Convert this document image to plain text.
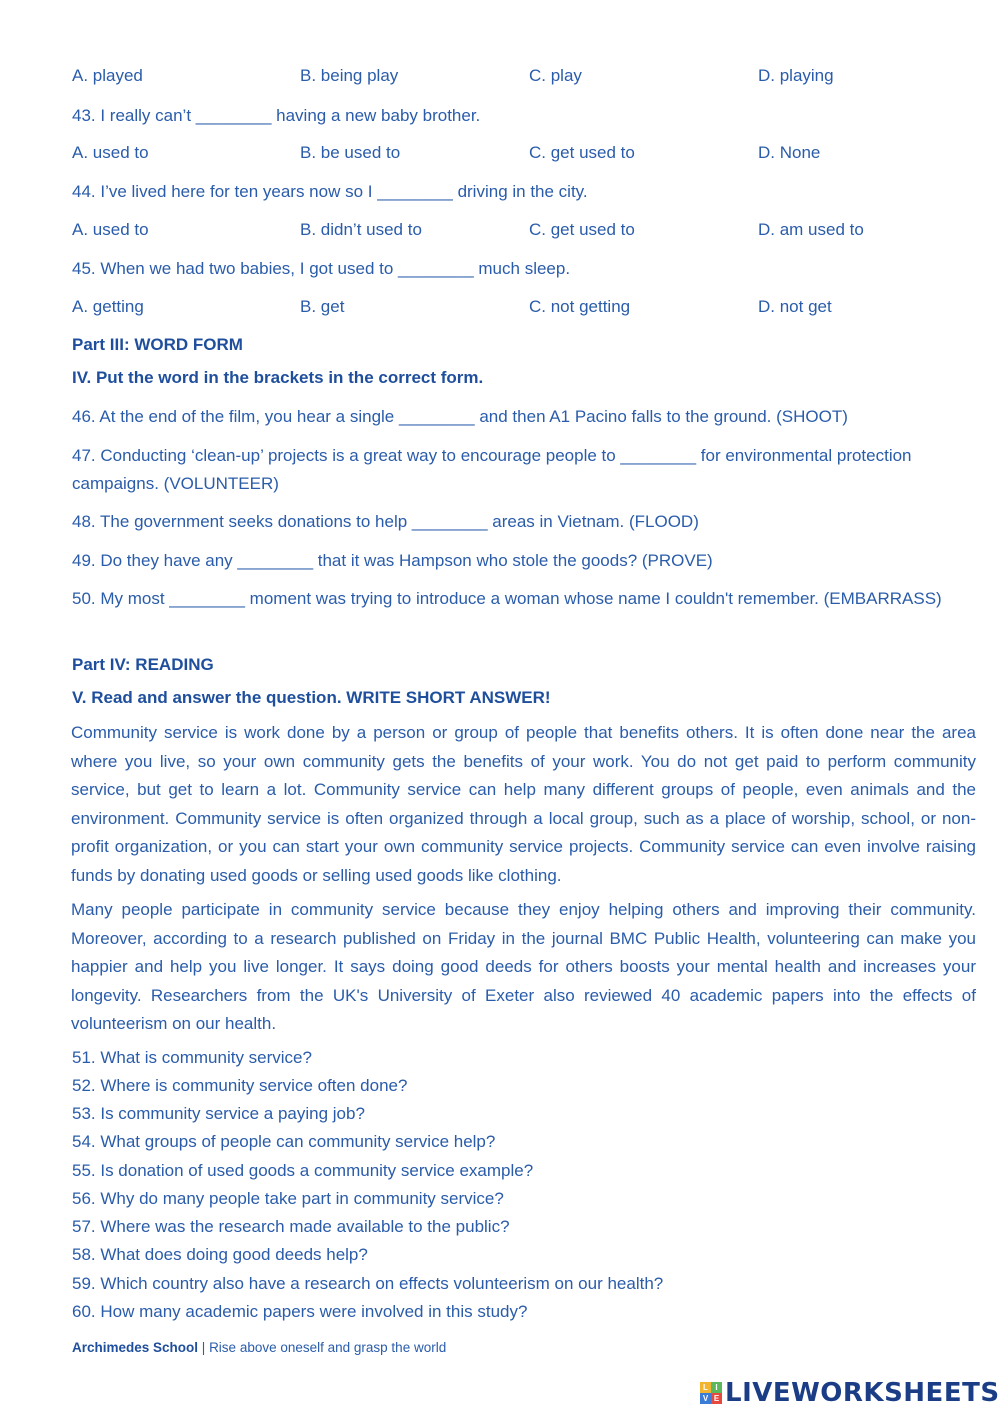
A. played	B. being play	C. play	D. playing
43. I really can’t ________ having a new baby brother.
A. used to	B. be used to	C. get used to	D. None
44. I’ve lived here for ten years now so I ________ driving in the city.
A. used to	B. didn’t used to	C. get used to	D. am used to
45. When we had two babies, I got used to ________ much sleep.
A. getting	B. get	C. not getting	D. not get
Part III: WORD FORM
IV. Put the word in the brackets in the correct form.
46. At the end of the film, you hear a single ________ and then A1 Pacino falls to the ground. (SHOOT)
47. Conducting ‘clean-up’ projects is a great way to encourage people to ________ for environmental protection campaigns. (VOLUNTEER)
48. The government seeks donations to help ________ areas in Vietnam. (FLOOD)
49. Do they have any ________ that it was Hampson who stole the goods? (PROVE)
50. My most ________ moment was trying to introduce a woman whose name I couldn't remember. (EMBARRASS)
Part IV: READING
V. Read and answer the question. WRITE SHORT ANSWER!
Community service is work done by a person or group of people that benefits others. It is often done near the area where you live, so your own community gets the benefits of your work. You do not get paid to perform community service, but get to learn a lot. Community service can help many different groups of people, even animals and the environment. Community service is often organized through a local group, such as a place of worship, school, or non-profit organization, or you can start your own community service projects. Community service can even involve raising funds by donating used goods or selling used goods like clothing.
Many people participate in community service because they enjoy helping others and improving their community. Moreover, according to a research published on Friday in the journal BMC Public Health, volunteering can make you happier and help you live longer. It says doing good deeds for others boosts your mental health and increases your longevity. Researchers from the UK's University of Exeter also reviewed 40 academic papers into the effects of volunteerism on our health.
51. What is community service?
52. Where is community service often done?
53. Is community service a paying job?
54. What groups of people can community service help?
55. Is donation of used goods a community service example?
56. Why do many people take part in community service?
57. Where was the research made available to the public?
58. What does doing good deeds help?
59. Which country also have a research on effects volunteerism on our health?
60. How many academic papers were involved in this study?
Archimedes School | Rise above oneself and grasp the world
L I
V E LIVEWORKSHEETS
